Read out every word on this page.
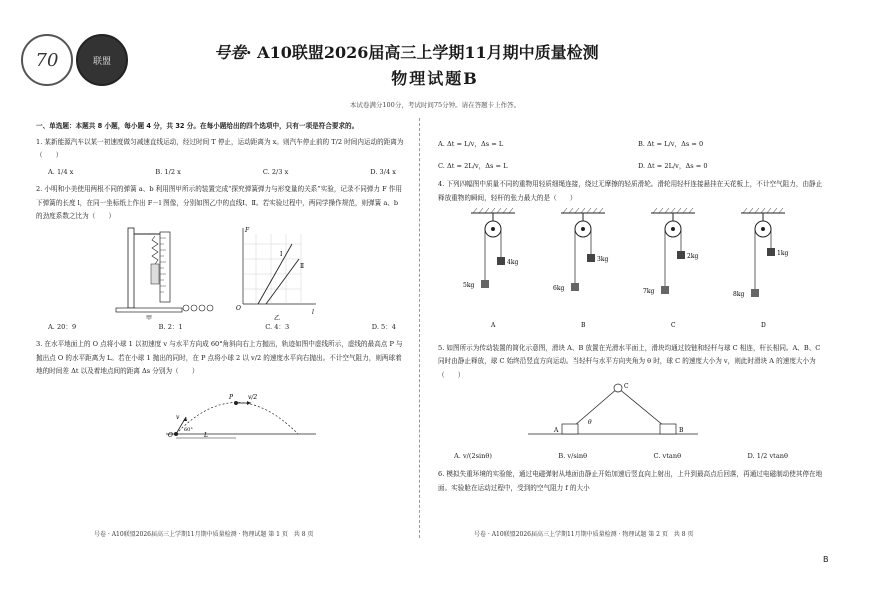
70	联盟	号卷· A10联盟2026届高三上学期11月期中质量检测
物理试题B
本试卷满分100分，考试时间75分钟。请在答题卡上作答。
一、单选题：本题共 8 小题，每小题 4 分，共 32 分。在每小题给出的四个选项中，只有一项是符合要求的。
1. 某新能源汽车以某一初速度做匀减速直线运动，经过时间 T 停止，运动距离为 x。则汽车停止前的 T/2 时间内运动的距离为（　　）
A. 1/4 x	B. 1/2 x	C. 2/3 x	D. 3/4 x
2. 小明和小美使用两根不同的弹簧 a、b 利用图甲所示的装置完成“探究弹簧弹力与形变量的关系”实验，记录不同弹力 F 作用下弹簧的长度 l，在同一坐标纸上作出 F－l 图像，分别如图乙中的直线Ⅰ、Ⅱ。若实验过程中，两同学操作规范，则弹簧 a、b 的劲度系数之比为（　　）
甲
F
l
O
Ⅰ
Ⅱ
乙
A. 20：9	B. 2：1	C. 4：3	D. 5：4
3. 在水平地面上的 O 点将小球 1 以初速度 v 与水平方向成 60°角斜向右上方抛出，轨迹如图中虚线所示，虚线的最高点 P 与抛出点 O 的水平距离为 L。若在小球 1 抛出的同时，在 P 点将小球 2 以 v/2 的速度水平向右抛出。不计空气阻力，则两球着地的时间差 Δt 以及着地点间的距离 Δs 分别为（　　）
O
P
v
v/2
60°
L
A. Δt = L/v，Δs = L	B. Δt = L/v，Δs = 0
C. Δt = 2L/v，Δs = L	D. Δt = 2L/v，Δs = 0
4. 下列四幅图中质量不同的重物用轻质细绳连接，绕过无摩擦的轻质滑轮。滑轮用轻杆连接悬挂在天花板上，不计空气阻力，由静止释放重物的瞬间，轻杆的张力最大的是（　　）
5kg
4kg
A
6kg
3kg
B
7kg
2kg
C
8kg
1kg
D
5. 如图所示为传动装置的简化示意图，滑块 A、B 放置在光滑水平面上，滑块均通过铰链和轻杆与球 C 相连，杆长相同。A、B、C 同时由静止释放，球 C 始终沿竖直方向运动。当轻杆与水平方向夹角为 θ 时，球 C 的速度大小为 v，则此时滑块 A 的速度大小为（　　）
A	B
C
θ
A. v/(2sinθ)	B. v/sinθ	C. vtanθ	D. 1/2 vtanθ
6. 模拟失重环境的实验舱，通过电磁弹射从地面由静止开始加速后竖直向上射出，上升到最高点后回落，再通过电磁制动使其停在地面。实验舱在运动过程中，受到的空气阻力 f 的大小
号卷 · A10联盟2026届高三上学期11月期中质量检测 · 物理试题 第 1 页　共 8 页	号卷 · A10联盟2026届高三上学期11月期中质量检测 · 物理试题 第 2 页　共 8 页
B
